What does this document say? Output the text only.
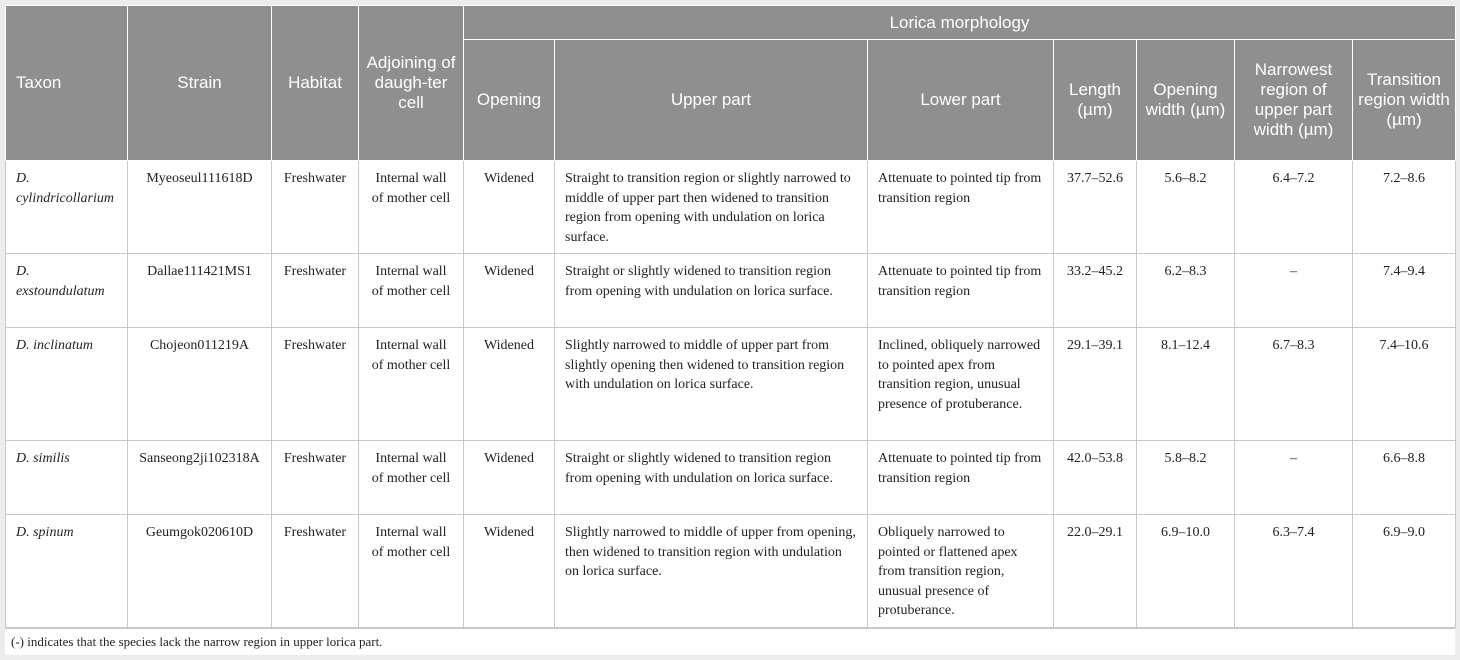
Taxon	Strain	Habitat	Adjoining of daugh-ter cell	Lorica morphology						
				Opening	Upper part	Lower part	Length (µm)	Opening width (µm)	Narrowest region of upper part width (µm)	Transition region width (µm)
D. cylindricollarium	Myeoseul111618D	Freshwater	Internal wall of mother cell	Widened	Straight to transition region or slightly narrowed to middle of upper part then widened to transition region from opening with undulation on lorica surface.	Attenuate to pointed tip from transition region	37.7–52.6	5.6–8.2	6.4–7.2	7.2–8.6
D. exstoundulatum	Dallae111421MS1	Freshwater	Internal wall of mother cell	Widened	Straight or slightly widened to transition region from opening with undulation on lorica surface.	Attenuate to pointed tip from transition region	33.2–45.2	6.2–8.3	–	7.4–9.4
D. inclinatum	Chojeon011219A	Freshwater	Internal wall of mother cell	Widened	Slightly narrowed to middle of upper part from slightly opening then widened to transition region with undulation on lorica surface.	Inclined, obliquely narrowed to pointed apex from transition region, unusual presence of protuberance.	29.1–39.1	8.1–12.4	6.7–8.3	7.4–10.6
D. similis	Sanseong2ji102318A	Freshwater	Internal wall of mother cell	Widened	Straight or slightly widened to transition region from opening with undulation on lorica surface.	Attenuate to pointed tip from transition region	42.0–53.8	5.8–8.2	–	6.6–8.8
D. spinum	Geumgok020610D	Freshwater	Internal wall of mother cell	Widened	Slightly narrowed to middle of upper from opening, then widened to transition region with undulation on lorica surface.	Obliquely narrowed to pointed or flattened apex from transition region, unusual presence of protuberance.	22.0–29.1	6.9–10.0	6.3–7.4	6.9–9.0
(-) indicates that the species lack the narrow region in upper lorica part.
